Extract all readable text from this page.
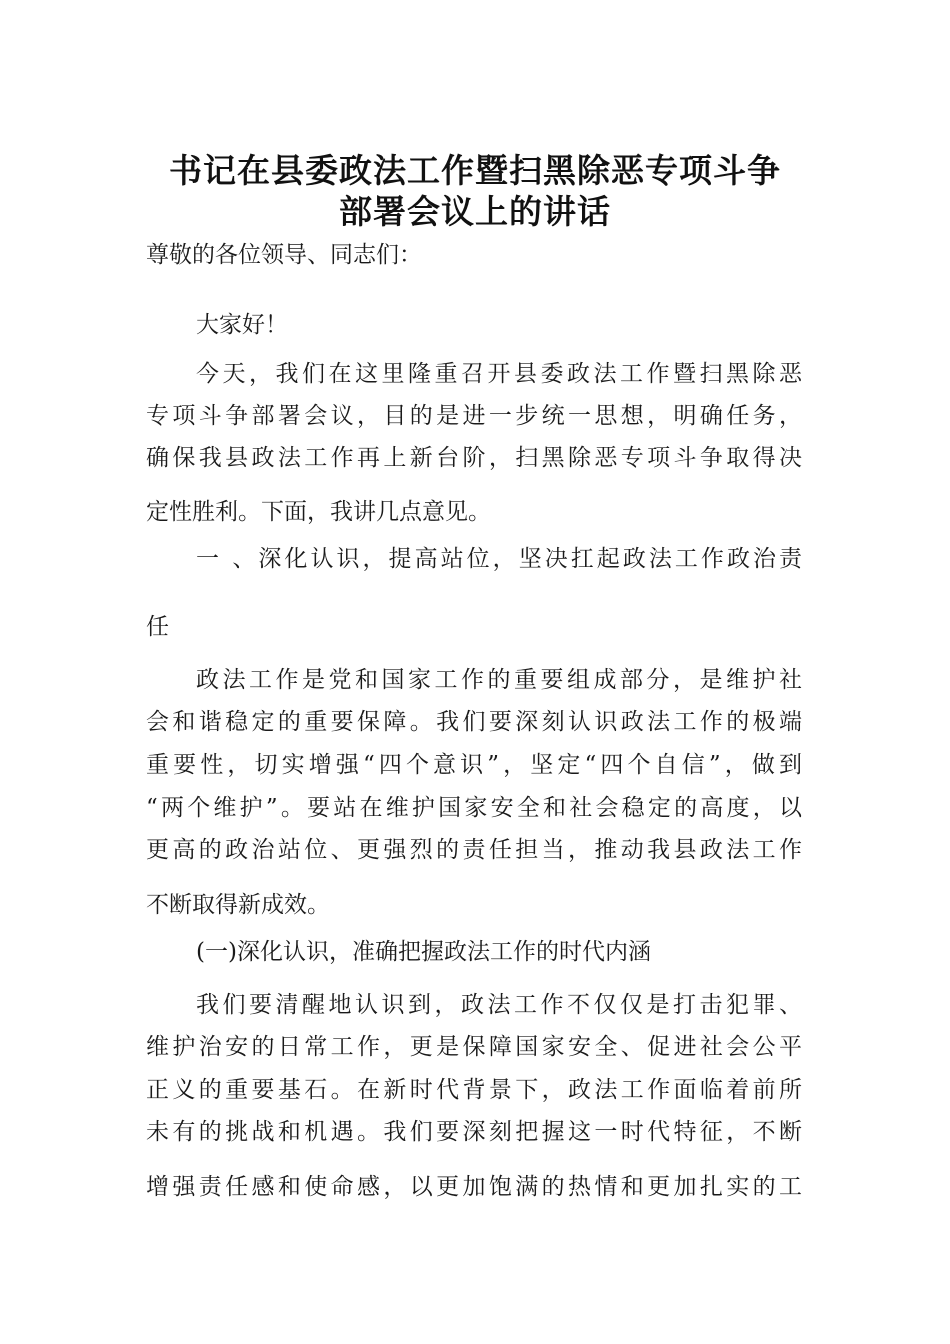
书记在县委政法工作暨扫黑除恶专项斗争
部署会议上的讲话

尊敬的各位领导、同志们：

大家好！

今天，我们在这里隆重召开县委政法工作暨扫黑除恶

专项斗争部署会议，目的是进一步统一思想，明确任务，

确保我县政法工作再上新台阶，扫黑除恶专项斗争取得决

定性胜利。下面，我讲几点意见。

一 、深化认识，提高站位，坚决扛起政法工作政治责

任

政法工作是党和国家工作的重要组成部分，是维护社

会和谐稳定的重要保障。我们要深刻认识政法工作的极端

重要性，切实增强“四个意识”，坚定“四个自信”，做到

“两个维护”。要站在维护国家安全和社会稳定的高度，以

更高的政治站位、更强烈的责任担当，推动我县政法工作

不断取得新成效。

(一)深化认识，准确把握政法工作的时代内涵

我们要清醒地认识到，政法工作不仅仅是打击犯罪、

维护治安的日常工作，更是保障国家安全、促进社会公平

正义的重要基石。在新时代背景下，政法工作面临着前所

未有的挑战和机遇。我们要深刻把握这一时代特征，不断

增强责任感和使命感，以更加饱满的热情和更加扎实的工
